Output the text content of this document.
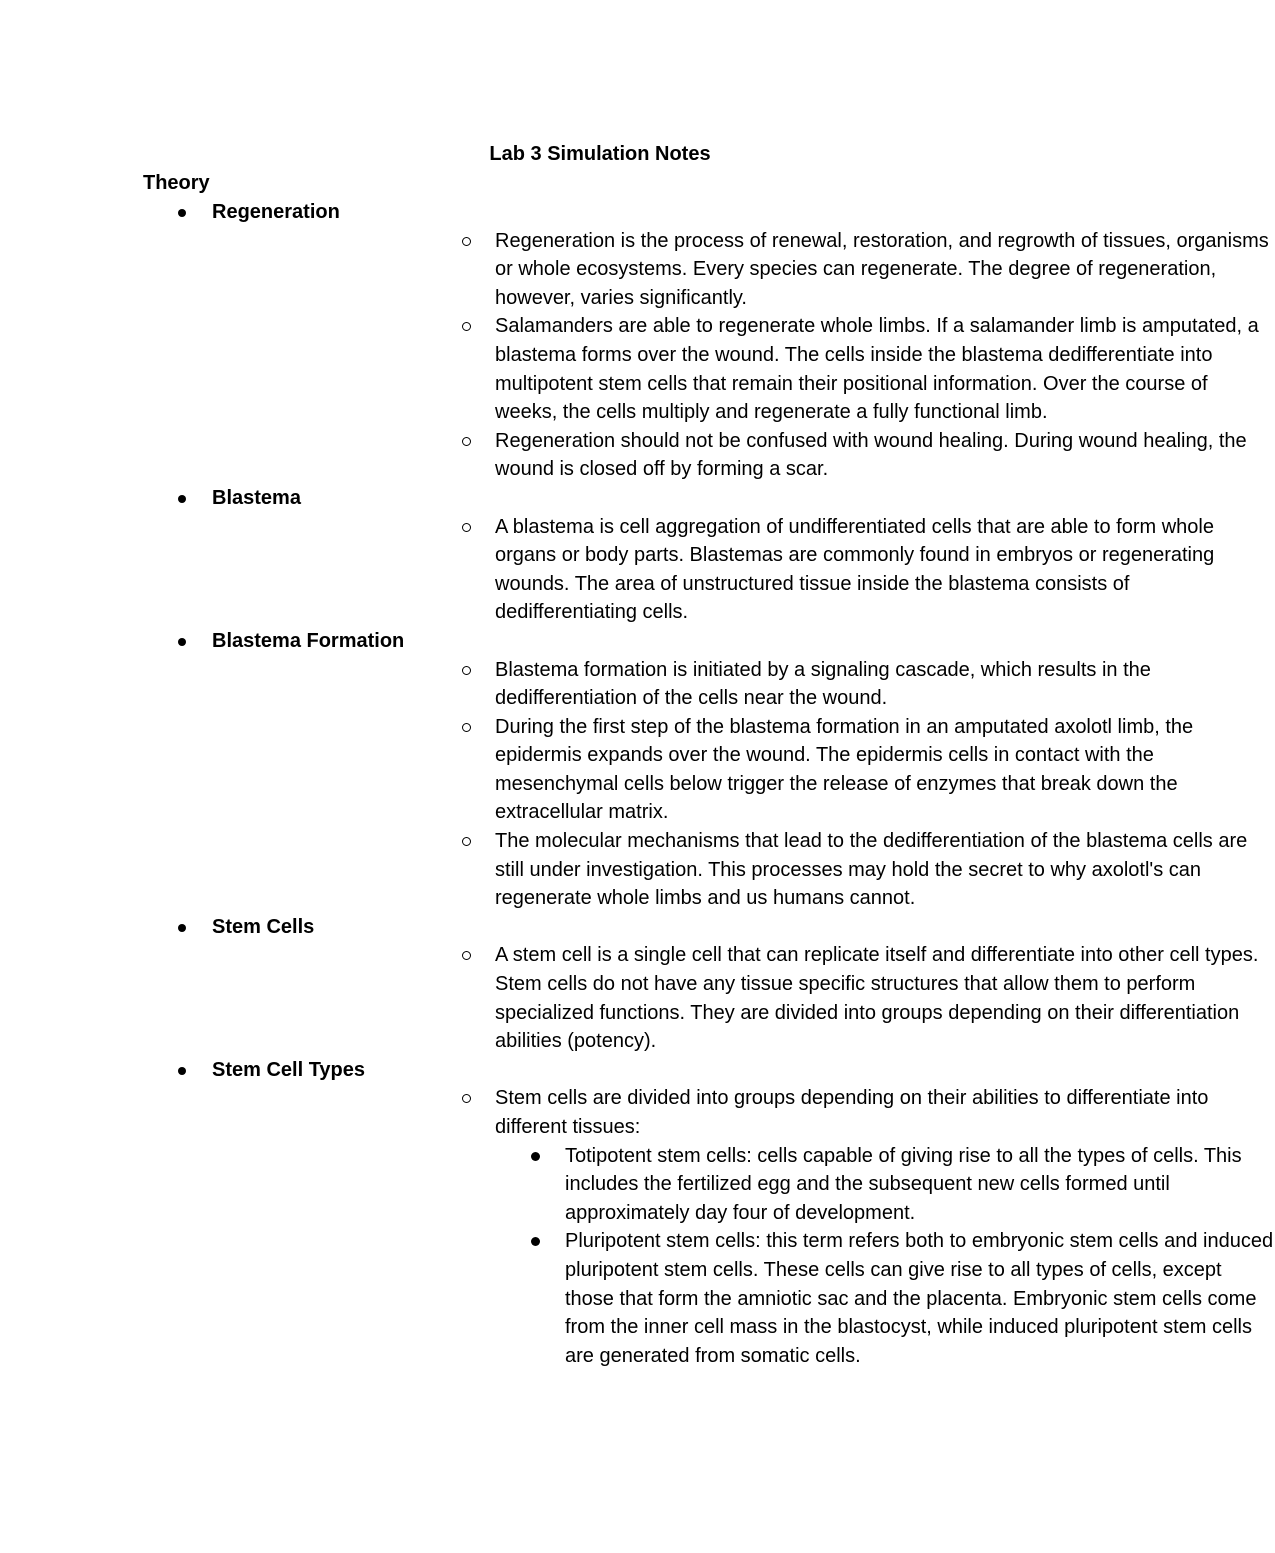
Lab 3 Simulation Notes
Theory
Regeneration
Regeneration is the process of renewal, restoration, and regrowth of tissues, organisms or whole ecosystems. Every species can regenerate. The degree of regeneration, however, varies significantly.
Salamanders are able to regenerate whole limbs. If a salamander limb is amputated, a blastema forms over the wound. The cells inside the blastema dedifferentiate into multipotent stem cells that remain their positional information. Over the course of weeks, the cells multiply and regenerate a fully functional limb.
Regeneration should not be confused with wound healing. During wound healing, the wound is closed off by forming a scar.
Blastema
A blastema is cell aggregation of undifferentiated cells that are able to form whole organs or body parts. Blastemas are commonly found in embryos or regenerating wounds. The area of unstructured tissue inside the blastema consists of dedifferentiating cells.
Blastema Formation
Blastema formation is initiated by a signaling cascade, which results in the dedifferentiation of the cells near the wound.
During the first step of the blastema formation in an amputated axolotl limb, the epidermis expands over the wound. The epidermis cells in contact with the mesenchymal cells below trigger the release of enzymes that break down the extracellular matrix.
The molecular mechanisms that lead to the dedifferentiation of the blastema cells are still under investigation. This processes may hold the secret to why axolotl's can regenerate whole limbs and us humans cannot.
Stem Cells
A stem cell is a single cell that can replicate itself and differentiate into other cell types. Stem cells do not have any tissue specific structures that allow them to perform specialized functions. They are divided into groups depending on their differentiation abilities (potency).
Stem Cell Types
Stem cells are divided into groups depending on their abilities to differentiate into different tissues:
Totipotent stem cells: cells capable of giving rise to all the types of cells. This includes the fertilized egg and the subsequent new cells formed until approximately day four of development.
Pluripotent stem cells: this term refers both to embryonic stem cells and induced pluripotent stem cells. These cells can give rise to all types of cells, except those that form the amniotic sac and the placenta. Embryonic stem cells come from the inner cell mass in the blastocyst, while induced pluripotent stem cells are generated from somatic cells.
